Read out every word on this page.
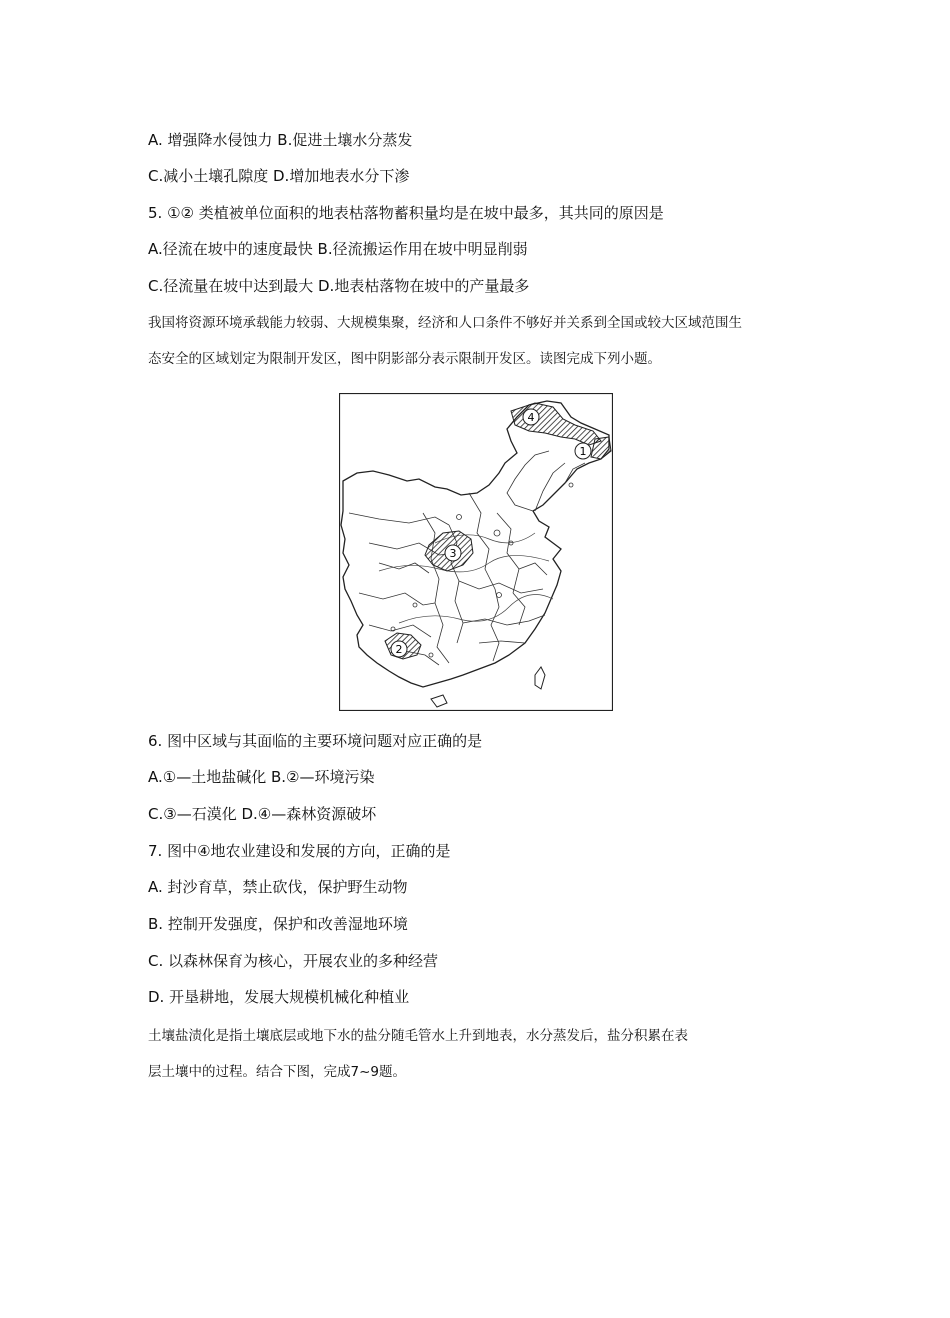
A. 增强降水侵蚀力 B.促进土壤水分蒸发
C.减小土壤孔隙度 D.增加地表水分下渗
5. ①② 类植被单位面积的地表枯落物蓄积量均是在坡中最多，其共同的原因是
A.径流在坡中的速度最快 B.径流搬运作用在坡中明显削弱
C.径流量在坡中达到最大 D.地表枯落物在坡中的产量最多
我国将资源环境承载能力较弱、大规模集聚，经济和人口条件不够好并关系到全国或较大区域范围生
态安全的区域划定为限制开发区，图中阴影部分表示限制开发区。读图完成下列小题。
1
2
3
4
6. 图中区域与其面临的主要环境问题对应正确的是
A.①—土地盐碱化 B.②—环境污染
C.③—石漠化 D.④—森林资源破坏
7. 图中④地农业建设和发展的方向，正确的是
A. 封沙育草，禁止砍伐，保护野生动物
B. 控制开发强度，保护和改善湿地环境
C. 以森林保育为核心，开展农业的多种经营
D. 开垦耕地，发展大规模机械化种植业
土壤盐渍化是指土壤底层或地下水的盐分随毛管水上升到地表，水分蒸发后，盐分积累在表
层土壤中的过程。结合下图，完成7~9题。
